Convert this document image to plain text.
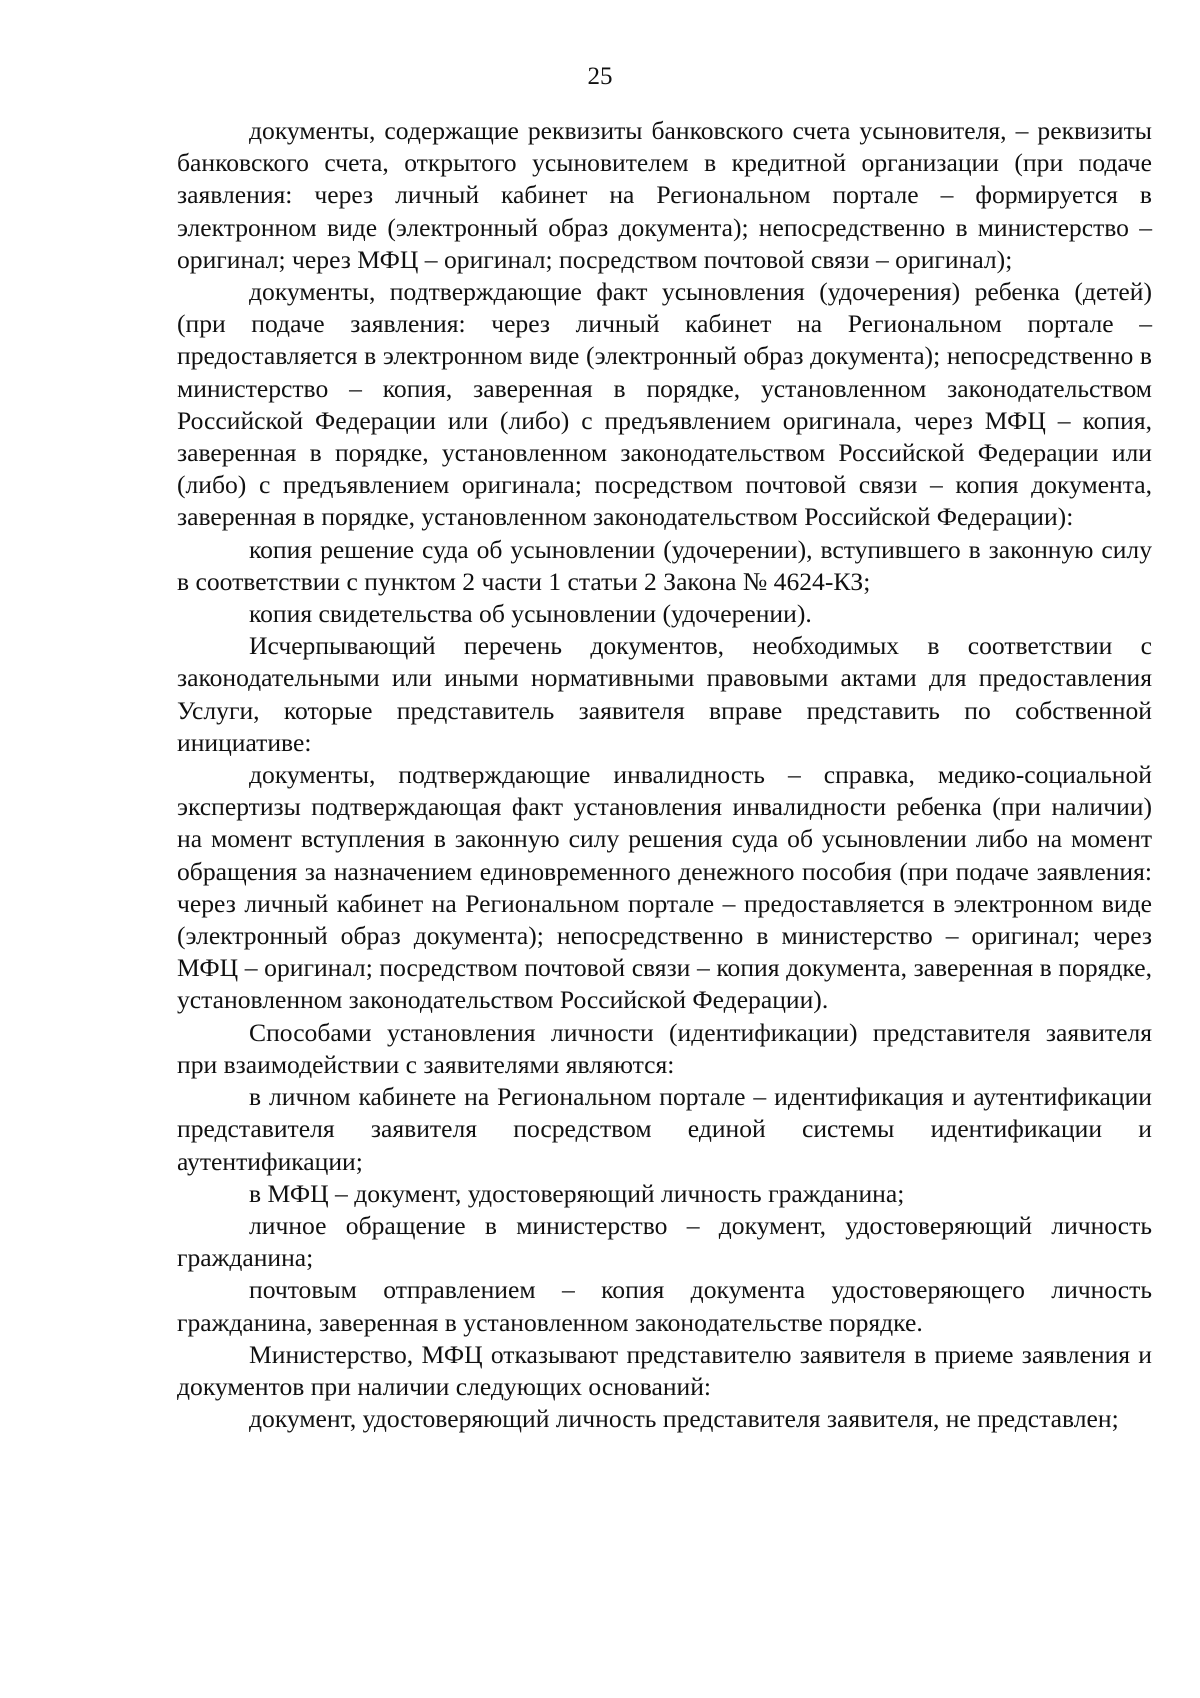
25

документы, содержащие реквизиты банковского счета усыновителя, – реквизиты банковского счета, открытого усыновителем в кредитной организации (при подаче заявления: через личный кабинет на Региональном портале – формируется в электронном виде (электронный образ документа); непосредственно в министерство – оригинал; через МФЦ – оригинал; посредством почтовой связи – оригинал);

документы, подтверждающие факт усыновления (удочерения) ребенка (детей) (при подаче заявления: через личный кабинет на Региональном портале – предоставляется в электронном виде (электронный образ документа); непосредственно в министерство – копия, заверенная в порядке, установленном законодательством Российской Федерации или (либо) с предъявлением оригинала, через МФЦ – копия, заверенная в порядке, установленном законодательством Российской Федерации или (либо) с предъявлением оригинала; посредством почтовой связи – копия документа, заверенная в порядке, установленном законодательством Российской Федерации):

копия решение суда об усыновлении (удочерении), вступившего в законную силу в соответствии с пунктом 2 части 1 статьи 2 Закона № 4624-КЗ;

копия свидетельства об усыновлении (удочерении).

Исчерпывающий перечень документов, необходимых в соответствии с законодательными или иными нормативными правовыми актами для предоставления Услуги, которые представитель заявителя вправе представить по собственной инициативе:

документы, подтверждающие инвалидность – справка, медико-социальной экспертизы подтверждающая факт установления инвалидности ребенка (при наличии) на момент вступления в законную силу решения суда об усыновлении либо на момент обращения за назначением единовременного денежного пособия (при подаче заявления: через личный кабинет на Региональном портале – предоставляется в электронном виде (электронный образ документа); непосредственно в министерство – оригинал; через МФЦ – оригинал; посредством почтовой связи – копия документа, заверенная в порядке, установленном законодательством Российской Федерации).

Способами установления личности (идентификации) представителя заявителя при взаимодействии с заявителями являются:

в личном кабинете на Региональном портале – идентификация и аутентификации представителя заявителя посредством единой системы идентификации и аутентификации;

в МФЦ – документ, удостоверяющий личность гражданина;

личное обращение в министерство – документ, удостоверяющий личность гражданина;

почтовым отправлением – копия документа удостоверяющего личность гражданина, заверенная в установленном законодательстве порядке.

Министерство, МФЦ отказывают представителю заявителя в приеме заявления и документов при наличии следующих оснований:

документ, удостоверяющий личность представителя заявителя, не представлен;
